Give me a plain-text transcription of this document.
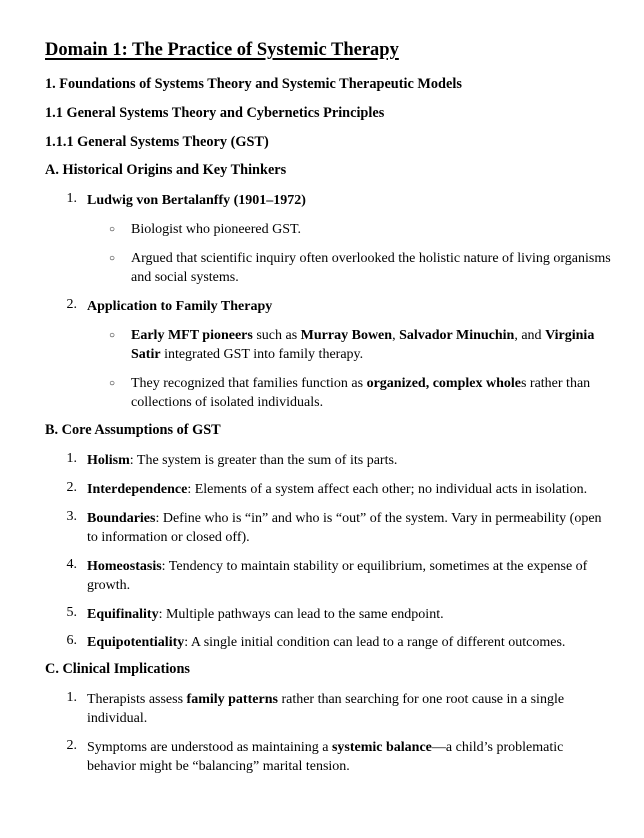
Domain 1: The Practice of Systemic Therapy
1. Foundations of Systems Theory and Systemic Therapeutic Models
1.1 General Systems Theory and Cybernetics Principles
1.1.1 General Systems Theory (GST)
A. Historical Origins and Key Thinkers
1. Ludwig von Bertalanffy (1901–1972)
○ Biologist who pioneered GST.
○ Argued that scientific inquiry often overlooked the holistic nature of living organisms and social systems.
2. Application to Family Therapy
○ Early MFT pioneers such as Murray Bowen, Salvador Minuchin, and Virginia Satir integrated GST into family therapy.
○ They recognized that families function as organized, complex wholes rather than collections of isolated individuals.
B. Core Assumptions of GST
1. Holism: The system is greater than the sum of its parts.
2. Interdependence: Elements of a system affect each other; no individual acts in isolation.
3. Boundaries: Define who is “in” and who is “out” of the system. Vary in permeability (open to information or closed off).
4. Homeostasis: Tendency to maintain stability or equilibrium, sometimes at the expense of growth.
5. Equifinality: Multiple pathways can lead to the same endpoint.
6. Equipotentiality: A single initial condition can lead to a range of different outcomes.
C. Clinical Implications
1. Therapists assess family patterns rather than searching for one root cause in a single individual.
2. Symptoms are understood as maintaining a systemic balance—a child’s problematic behavior might be “balancing” marital tension.
